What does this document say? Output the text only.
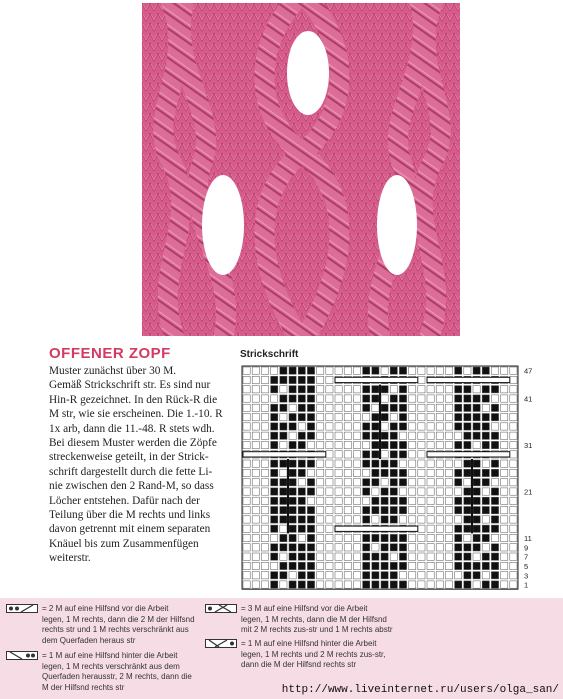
OFFENER ZOPF
Muster zunächst über 30 M.
Gemäß Strickschrift str. Es sind nur
Hin-R gezeichnet. In den Rück-R die
M str, wie sie erscheinen. Die 1.-10. R
1x arb, dann die 11.-48. R stets wdh.
Bei diesem Muster werden die Zöpfe
streckenweise geteilt, in der Strick-
schrift dargestellt durch die fette Li-
nie zwischen den 2 Rand-M, so dass
Löcher entstehen. Dafür nach der
Teilung über die M rechts und links
davon getrennt mit einem separaten
Knäuel bis zum Zusammenfügen
weiterstr.
Strickschrift
47
41
31
21
11
9
7
5
3
1
= 2 M auf eine Hilfsnd vor die Arbeit
legen, 1 M rechts, dann die 2 M der Hilfsnd
rechts str und 1 M rechts verschränkt aus
dem Querfaden heraus str
= 3 M auf eine Hilfsnd vor die Arbeit
legen, 1 M rechts, dann die M der Hilfsnd
mit 2 M rechts zus-str und 1 M rechts abstr
= 1 M auf eine Hilfsnd hinter die Arbeit
legen, 1 M rechts verschränkt aus dem
Querfaden herausstr, 2 M rechts, dann die
M der Hilfsnd rechts str
= 1 M auf eine Hilfsnd hinter die Arbeit
legen, 1 M rechts und 2 M rechts zus-str,
dann die M der Hilfsnd rechts str
http://www.liveinternet.ru/users/olga_san/
